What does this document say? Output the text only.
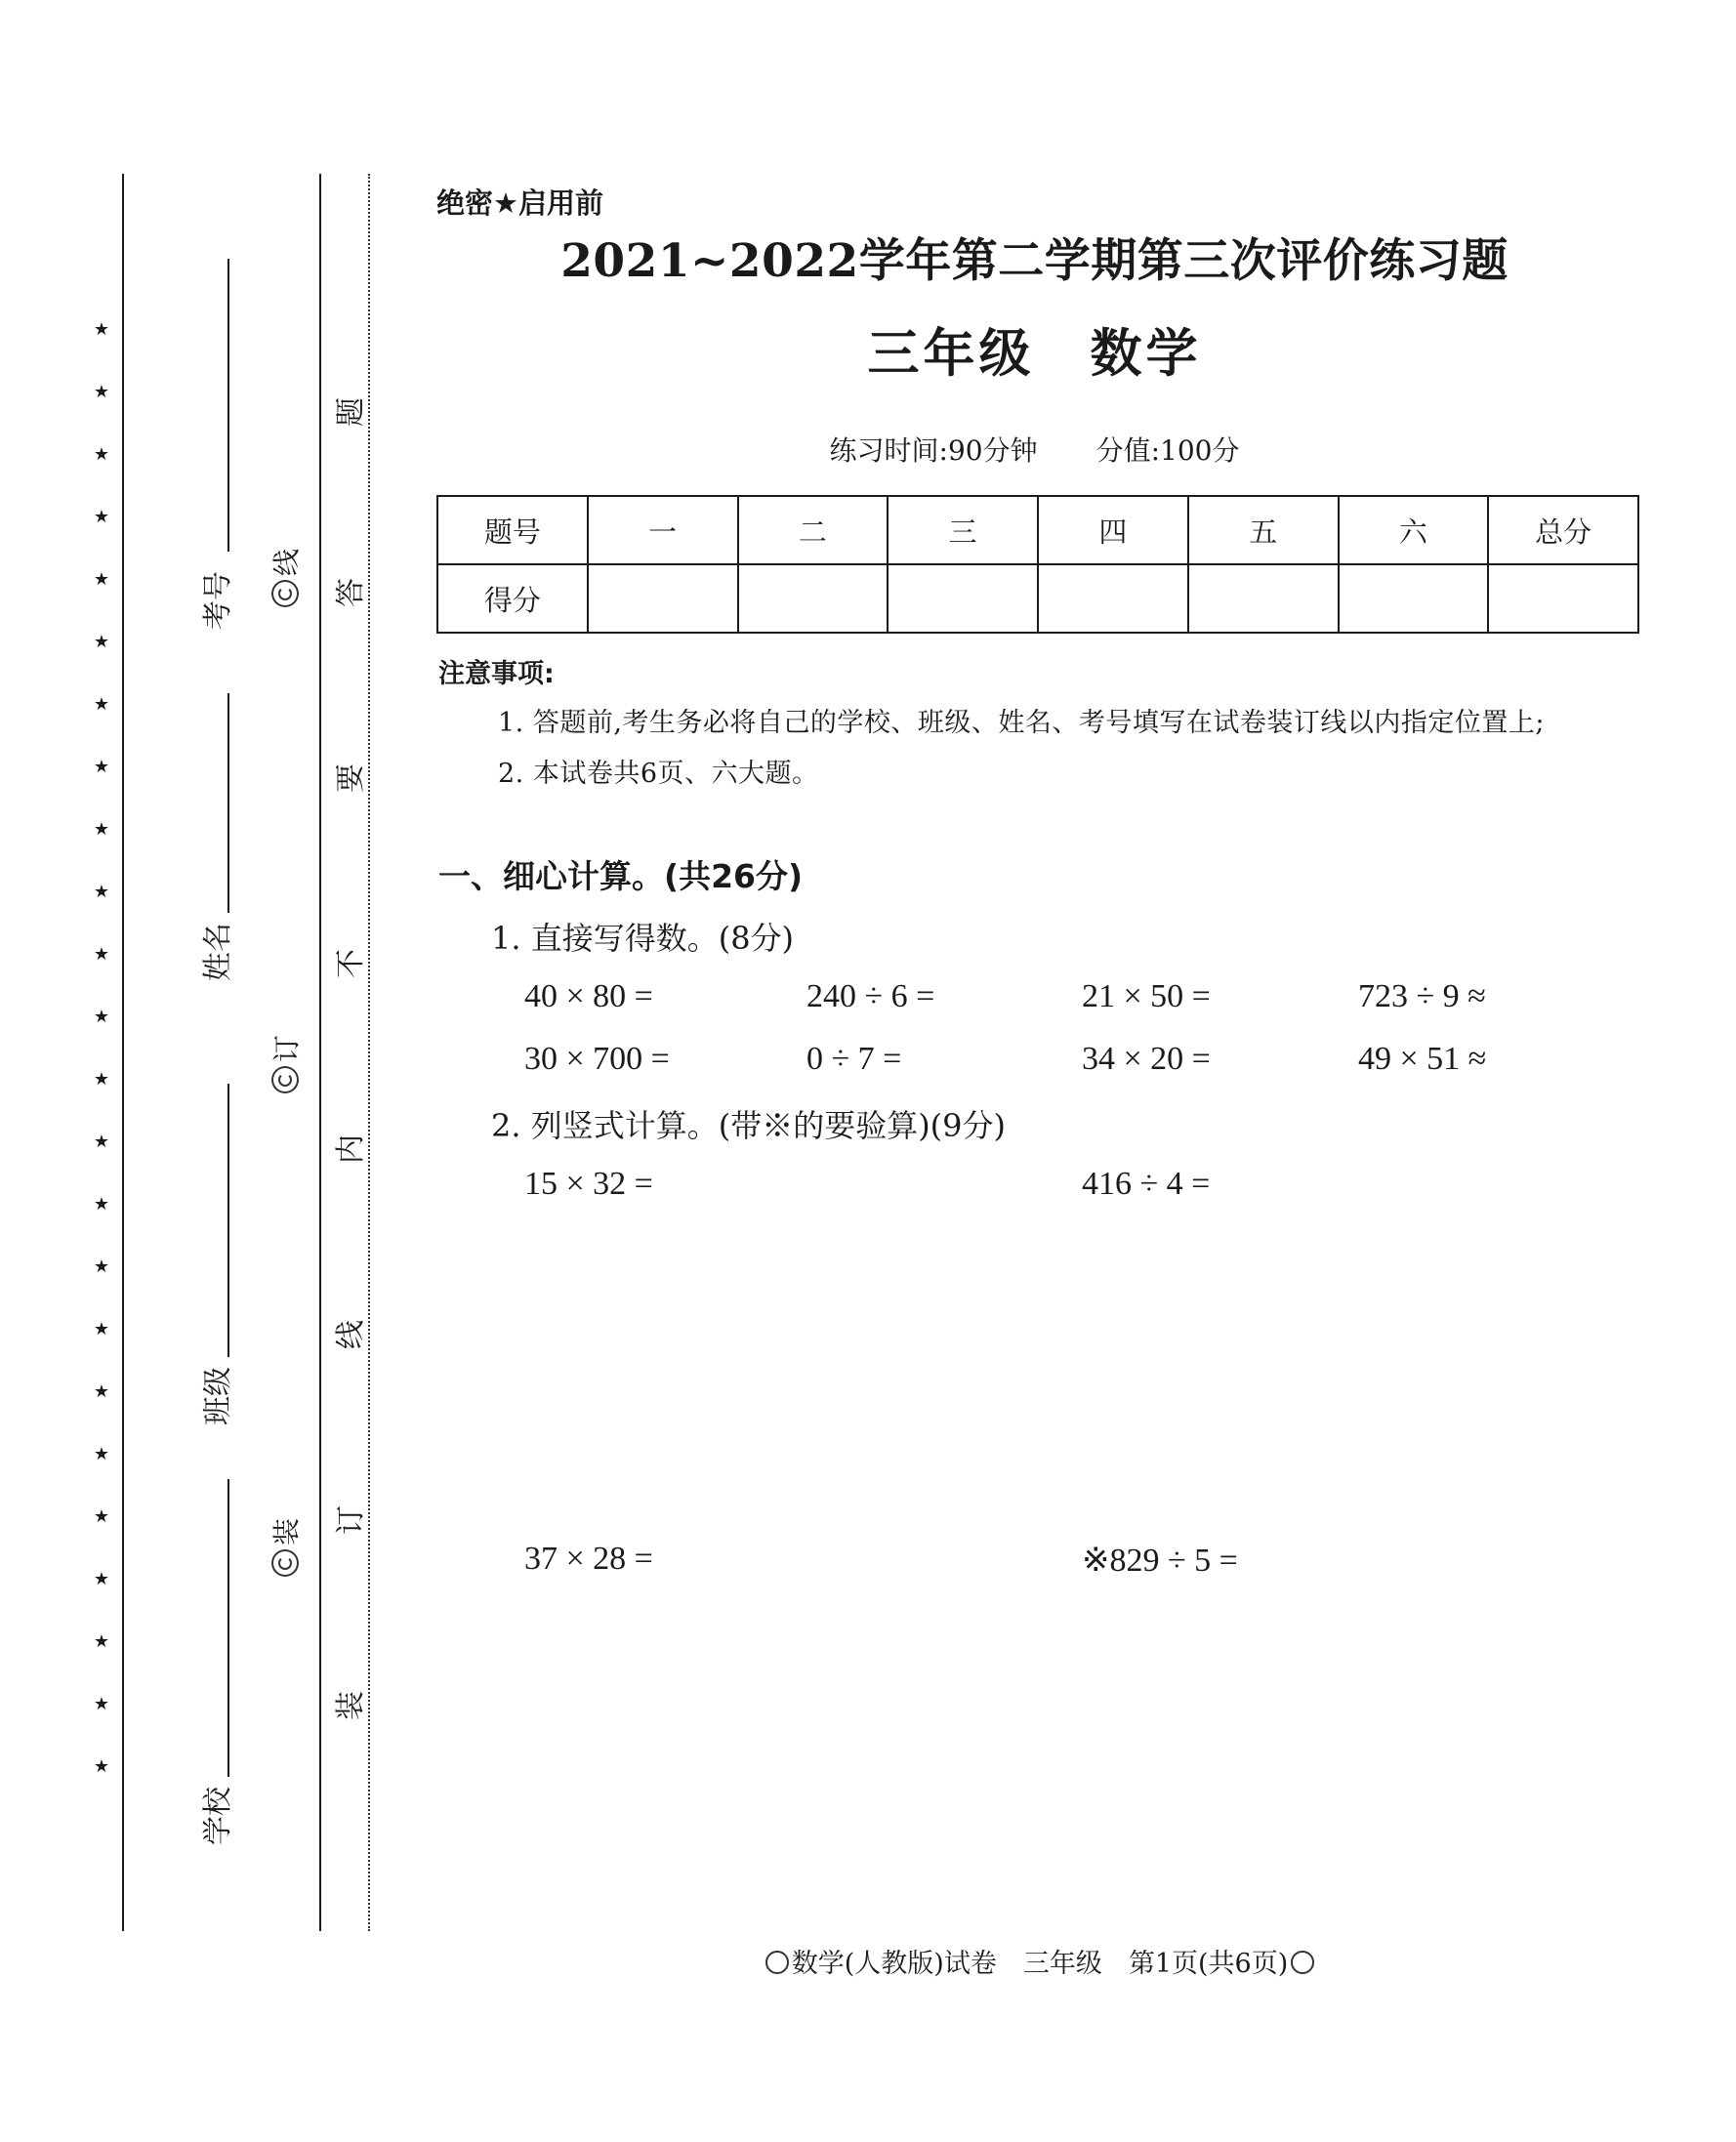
★
★
★
★
★
★
★
★
★
★
★
★
★
★
★
★
★
★
★
★
★
★
★
★
考号
姓名
班级
学校
线
订
装
题
答
要
不
内
线
订
装
绝密★启用前
2021~2022学年第二学期第三次评价练习题
三年级　数学
练习时间:90分钟 分值:100分
题号	一	二	三	四	五	六	总分
得分							
注意事项:
1. 答题前,考生务必将自己的学校、班级、姓名、考号填写在试卷装订线以内指定位置上;
2. 本试卷共6页、六大题。
一、细心计算。(共26分)
1. 直接写得数。(8分)
40 × 80 =	240 ÷ 6 =	21 × 50 =	723 ÷ 9 ≈
30 × 700 =	0 ÷ 7 =	34 × 20 =	49 × 51 ≈
2. 列竖式计算。(带※的要验算)(9分)
15 × 32 =	416 ÷ 4 =
37 × 28 =	※829 ÷ 5 =
数学(人教版)试卷　三年级　第1页(共6页)
